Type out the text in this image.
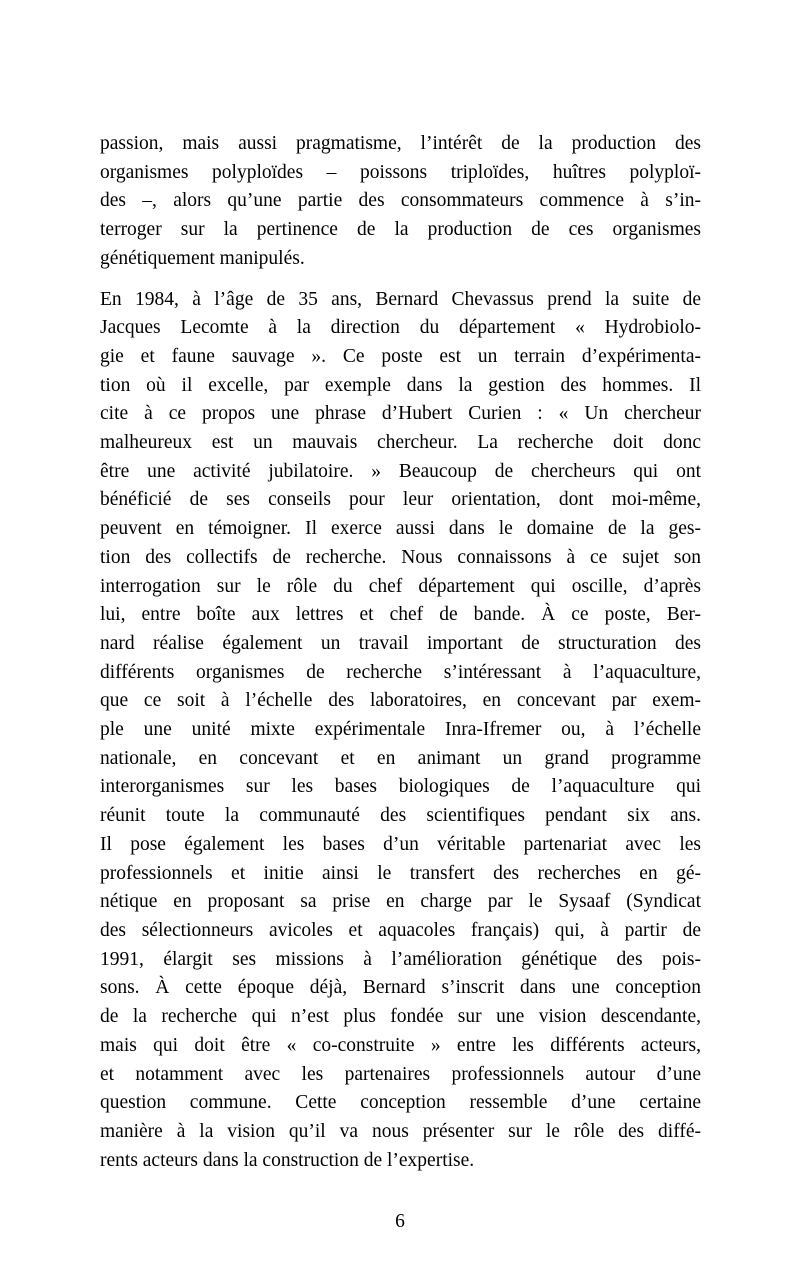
passion, mais aussi pragmatisme, l’intérêt de la production des
organismes polyploïdes – poissons triploïdes, huîtres polyploï-
des –, alors qu’une partie des consommateurs commence à s’in-
terroger sur la pertinence de la production de ces organismes
génétiquement manipulés.
En 1984, à l’âge de 35 ans, Bernard Chevassus prend la suite de
Jacques Lecomte à la direction du département « Hydrobiolo-
gie et faune sauvage ». Ce poste est un terrain d’expérimenta-
tion où il excelle, par exemple dans la gestion des hommes. Il
cite à ce propos une phrase d’Hubert Curien : « Un chercheur
malheureux est un mauvais chercheur. La recherche doit donc
être une activité jubilatoire. » Beaucoup de chercheurs qui ont
bénéficié de ses conseils pour leur orientation, dont moi-même,
peuvent en témoigner. Il exerce aussi dans le domaine de la ges-
tion des collectifs de recherche. Nous connaissons à ce sujet son
interrogation sur le rôle du chef département qui oscille, d’après
lui, entre boîte aux lettres et chef de bande. À ce poste, Ber-
nard réalise également un travail important de structuration des
différents organismes de recherche s’intéressant à l’aquaculture,
que ce soit à l’échelle des laboratoires, en concevant par exem-
ple une unité mixte expérimentale Inra-Ifremer ou, à l’échelle
nationale, en concevant et en animant un grand programme
interorganismes sur les bases biologiques de l’aquaculture qui
réunit toute la communauté des scientifiques pendant six ans.
Il pose également les bases d’un véritable partenariat avec les
professionnels et initie ainsi le transfert des recherches en gé-
nétique en proposant sa prise en charge par le Sysaaf (Syndicat
des sélectionneurs avicoles et aquacoles français) qui, à partir de
1991, élargit ses missions à l’amélioration génétique des pois-
sons. À cette époque déjà, Bernard s’inscrit dans une conception
de la recherche qui n’est plus fondée sur une vision descendante,
mais qui doit être « co-construite » entre les différents acteurs,
et notamment avec les partenaires professionnels autour d’une
question commune. Cette conception ressemble d’une certaine
manière à la vision qu’il va nous présenter sur le rôle des diffé-
rents acteurs dans la construction de l’expertise.
6
